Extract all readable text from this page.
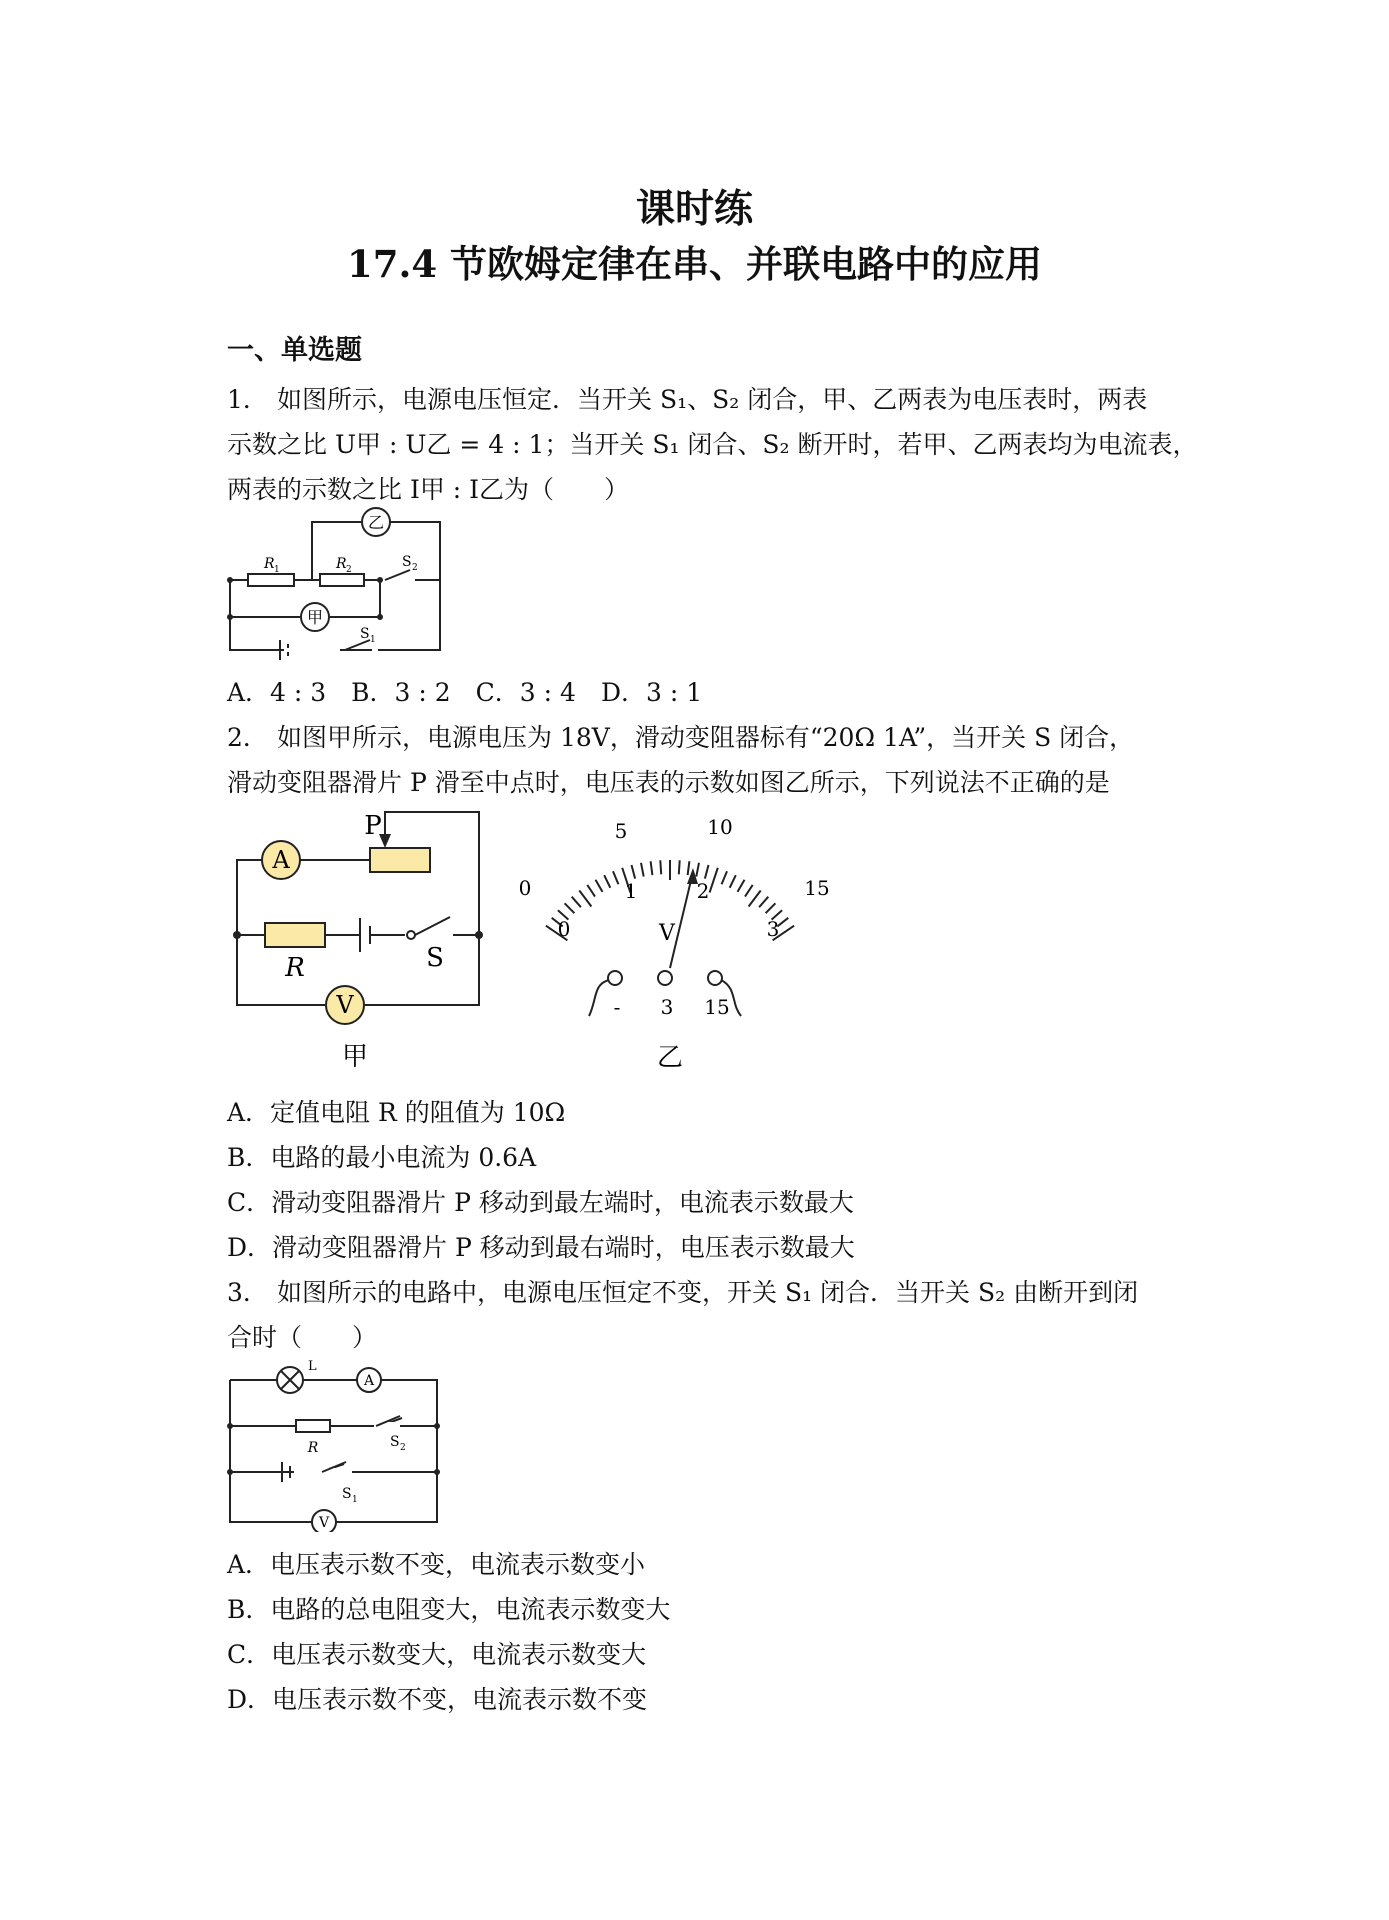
课时练
17.4 节欧姆定律在串、并联电路中的应用
一、单选题
1． 如图所示，电源电压恒定．当开关 S₁、S₂ 闭合，甲、乙两表为电压表时，两表
示数之比 U甲 : U乙 = 4 : 1；当开关 S₁ 闭合、S₂ 断开时，若甲、乙两表均为电流表，
两表的示数之比 I甲 : I乙为（　　）
乙
甲
R 1	R 2	S 2
S 1
A．4 : 3　B．3 : 2　C．3 : 4　D．3 : 1
2． 如图甲所示，电源电压为 18V，滑动变阻器标有“20Ω 1A”，当开关 S 闭合，
滑动变阻器滑片 P 滑至中点时，电压表的示数如图乙所示，下列说法不正确的是
A
V
P
R	S
甲
0
5	10
15
0
1	2
3
V
- 3 15
乙
A．定值电阻 R 的阻值为 10Ω
B．电路的最小电流为 0.6A
C．滑动变阻器滑片 P 移动到最左端时，电流表示数最大
D．滑动变阻器滑片 P 移动到最右端时，电压表示数最大
3． 如图所示的电路中，电源电压恒定不变，开关 S₁ 闭合．当开关 S₂ 由断开到闭
合时（　　）
L
A
R	S 2
S 1
V
A．电压表示数不变，电流表示数变小
B．电路的总电阻变大，电流表示数变大
C．电压表示数变大，电流表示数变大
D．电压表示数不变，电流表示数不变
